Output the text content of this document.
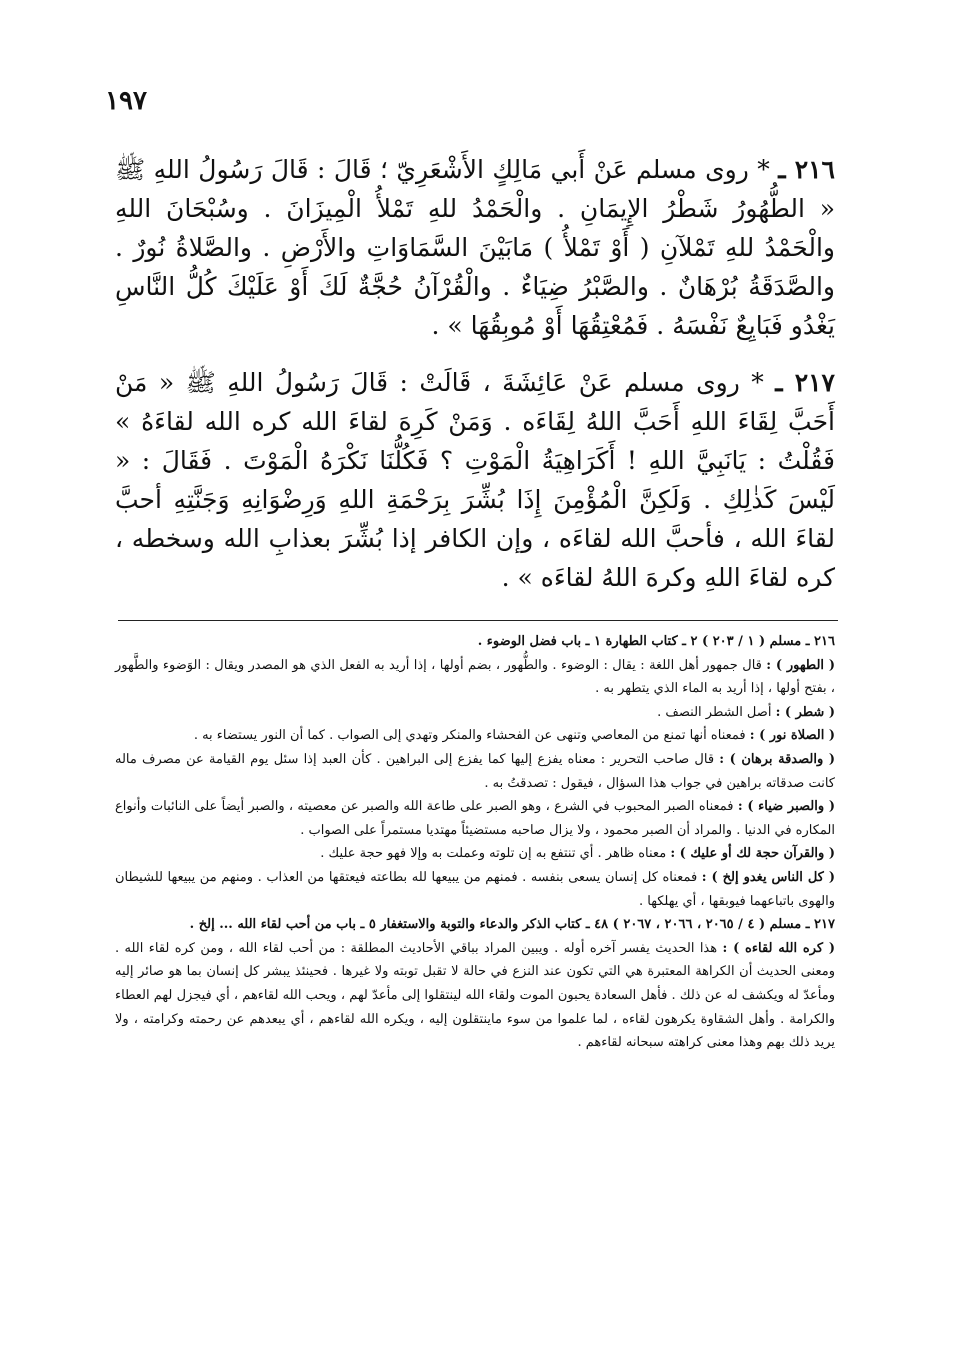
١٩٧

٢١٦ ـ * روى مسلم عَنْ أَبي مَالِكٍ الأَشْعَرِيّ ؛ قَالَ : قَالَ رَسُولُ اللهِ ﷺ « الطُّهُورُ شَطْرُ الإِيمَانِ . والْحَمْدُ للهِ تَمْلأُ الْمِيزَانَ . وسُبْحَانَ اللهِ والْحَمْدُ للهِ تَمْلآنِ ( أَوْ تَمْلأُ ) مَابَيْنَ السَّمَاوَاتِ والأَرْضِ . والصَّلاةُ نُورٌ . والصَّدَقَةُ بُرْهَانٌ . والصَّبْرُ ضِيَاءٌ . والْقُرْآنُ حُجَّةٌ لَكَ أَوْ عَلَيْكَ كُلُّ النَّاسِ يَغْدُو فَبَايِعٌ نَفْسَهُ . فَمُعْتِقُهَا أَوْ مُوبِقُهَا » .

٢١٧ ـ * روى مسلم عَنْ عَائِشَةَ ، قَالَتْ : قَالَ رَسُولُ اللهِ ﷺ « مَنْ أَحَبَّ لِقَاءَ اللهِ أَحَبَّ اللهُ لِقَاءَه . وَمَنْ كَرِهَ لقاءَ الله كره الله لقاءَهُ » فَقُلْتُ : يَانَبِيَّ اللهِ ! أَكَرَاهِيَةُ الْمَوْتِ ؟ فَكُلُّنَا نَكْرَهُ الْمَوْتَ . فَقَالَ : « لَيْسَ كَذٰلِكِ . وَلَكِنَّ الْمُؤْمِنَ إِذَا بُشِّرَ بِرَحْمَةِ اللهِ وَرِضْوَانِهِ وَجَنَّتِهِ أحبَّ لقاءَ الله ، فأحبَّ الله لقاءَه ، وإن الكافر إذا بُشِّرَ بعذابِ الله وسخطه ، كره لقاءَ اللهِ وكرهَ اللهُ لقاءَه » .

٢١٦ ـ مسلم ( ١ / ٢٠٣ ) ٢ ـ كتاب الطهارة ١ ـ باب فضل الوضوء .

( الطهور ) : قال جمهور أهل اللغة : يقال : الوضوء . والطُّهور ، بضم أولها ، إذا أريد به الفعل الذي هو المصدر ويقال : الوَضوء والطَّهور ، بفتح أولها ، إذا أريد به الماء الذي يتطهر به .

( شطر ) : أصل الشطر النصف .

( الصلاة نور ) : فمعناه أنها تمنع من المعاصي وتنهى عن الفحشاء والمنكر وتهدي إلى الصواب . كما أن النور يستضاء به .

( والصدقة برهان ) : قال صاحب التحرير : معناه يفزع إليها كما يفزع إلى البراهين . كأن العبد إذا سئل يوم القيامة عن مصرف ماله كانت صدقاته براهين في جواب هذا السؤال ، فيقول : تصدقتُ به .

( والصبر ضياء ) : فمعناه الصبر المحبوب في الشرع ، وهو الصبر على طاعة الله والصبر عن معصيته ، والصبر أيضاً على النائبات وأنواع المكاره في الدنيا . والمراد أن الصبر محمود ، ولا يزال صاحبه مستضيئاً مهتديا مستمراً على الصواب .

( والقرآن حجة لك أو عليك ) : معناه ظاهر . أي تنتفع به إن تلوته وعملت به وإلا فهو حجة عليك .

( كل الناس يغدو إلخ ) : فمعناه كل إنسان يسعى بنفسه . فمنهم من يبيعها لله بطاعته فيعتقها من العذاب . ومنهم من يبيعها للشيطان والهوى باتباعهما فيوبقها ، أي يهلكها .

٢١٧ ـ مسلم ( ٤ / ٢٠٦٥ ، ٢٠٦٦ ، ٢٠٦٧ ) ٤٨ ـ كتاب الذكر والدعاء والتوبة والاستغفار ٥ ـ باب من أحب لقاء الله ... إلخ .

( كره الله لقاءه ) : هذا الحديث يفسر آخره أوله . ويبين المراد بباقي الأحاديث المطلقة : من أحب لقاء الله ، ومن كره لقاء الله . ومعنى الحديث أن الكراهة المعتبرة هي التي تكون عند النزع في حالة لا تقبل توبته ولا غيرها . فحينئذ يبشر كل إنسان بما هو صائر إليه ومأعدّ له ويكشف له عن ذلك . فأهل السعادة يحبون الموت ولقاء الله لينتقلوا إلى مأعدّ لهم ، ويحب الله لقاءهم ، أي فيجزل لهم العطاء والكرامة . وأهل الشقاوة يكرهون لقاءه ، لما علموا من سوء ماينتقلون إليه ، ويكره الله لقاءهم ، أي يبعدهم عن رحمته وكرامته ، ولا يريد ذلك بهم وهذا معنى كراهته سبحانه لقاءهم .
